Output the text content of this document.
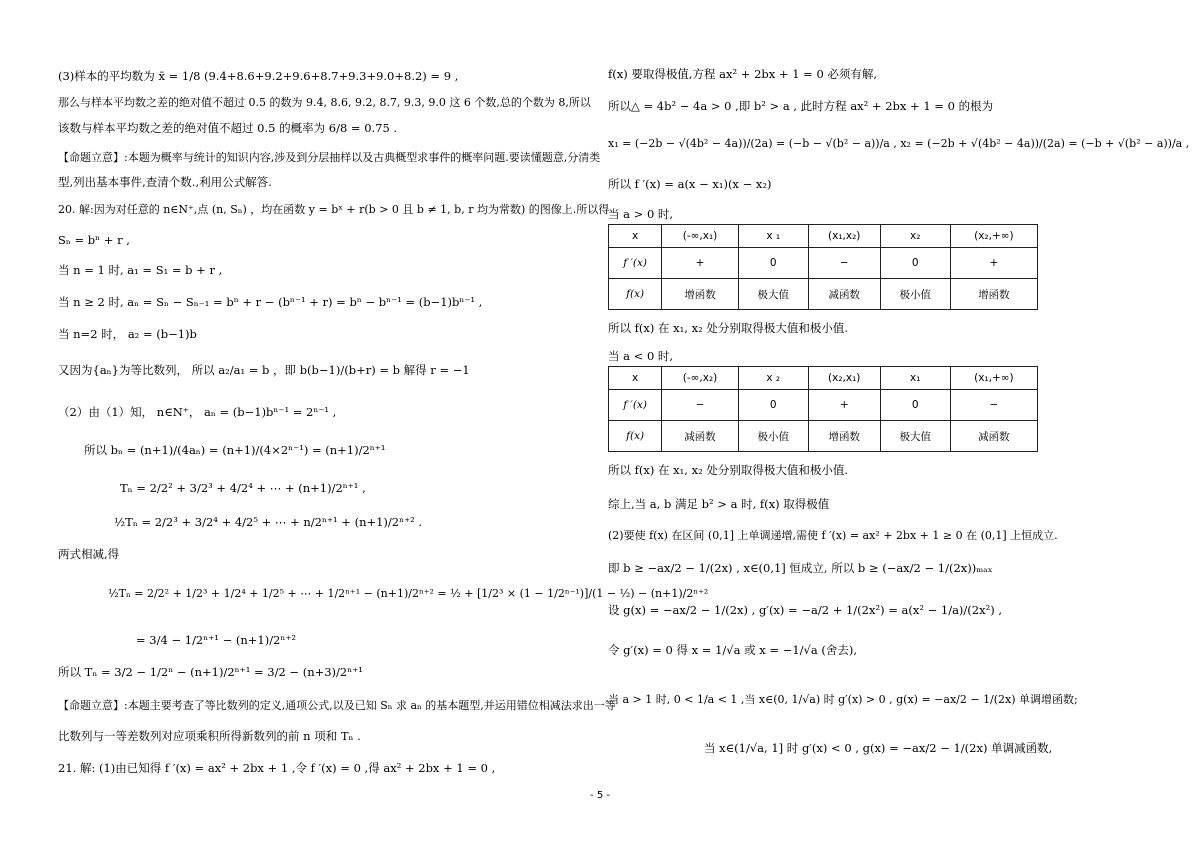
(3)样本的平均数为 x̄ = 1/8 (9.4+8.6+9.2+9.6+8.7+9.3+9.0+8.2) = 9 ,
那么与样本平均数之差的绝对值不超过 0.5 的数为 9.4, 8.6, 9.2, 8.7, 9.3, 9.0 这 6 个数,总的个数为 8,所以
该数与样本平均数之差的绝对值不超过 0.5 的概率为 6/8 = 0.75 .
【命题立意】:本题为概率与统计的知识内容,涉及到分层抽样以及古典概型求事件的概率问题.要读懂题意,分清类
型,列出基本事件,查清个数.,利用公式解答.
20. 解:因为对任意的 n∈N⁺,点 (n, Sₙ) ，均在函数 y = bˣ + r(b > 0 且 b ≠ 1, b, r 均为常数) 的图像上.所以得
Sₙ = bⁿ + r ,
当 n = 1 时, a₁ = S₁ = b + r ,
当 n ≥ 2 时, aₙ = Sₙ − Sₙ₋₁ = bⁿ + r − (bⁿ⁻¹ + r) = bⁿ − bⁿ⁻¹ = (b−1)bⁿ⁻¹ ,
当 n=2 时， a₂ = (b−1)b
又因为{aₙ}为等比数列， 所以 a₂/a₁ = b ，即 b(b−1)/(b+r) = b 解得 r = −1
（2）由（1）知， n∈N⁺， aₙ = (b−1)bⁿ⁻¹ = 2ⁿ⁻¹ ,
所以 bₙ = (n+1)/(4aₙ) = (n+1)/(4×2ⁿ⁻¹) = (n+1)/2ⁿ⁺¹
Tₙ = 2/2² + 3/2³ + 4/2⁴ + ⋯ + (n+1)/2ⁿ⁺¹ ,
½Tₙ = 2/2³ + 3/2⁴ + 4/2⁵ + ⋯ + n/2ⁿ⁺¹ + (n+1)/2ⁿ⁺² .
两式相减,得
½Tₙ = 2/2² + 1/2³ + 1/2⁴ + 1/2⁵ + ⋯ + 1/2ⁿ⁺¹ − (n+1)/2ⁿ⁺² = ½ + [1/2³ × (1 − 1/2ⁿ⁻¹)]/(1 − ½) − (n+1)/2ⁿ⁺²
= 3/4 − 1/2ⁿ⁺¹ − (n+1)/2ⁿ⁺²
所以 Tₙ = 3/2 − 1/2ⁿ − (n+1)/2ⁿ⁺¹ = 3/2 − (n+3)/2ⁿ⁺¹
【命题立意】:本题主要考查了等比数列的定义,通项公式,以及已知 Sₙ 求 aₙ 的基本题型,并运用错位相减法求出一等
比数列与一等差数列对应项乘积所得新数列的前 n 项和 Tₙ .
21. 解: (1)由已知得 f ′(x) = ax² + 2bx + 1 ,令 f ′(x) = 0 ,得 ax² + 2bx + 1 = 0 ,
f(x) 要取得极值,方程 ax² + 2bx + 1 = 0 必须有解,
所以△ = 4b² − 4a > 0 ,即 b² > a , 此时方程 ax² + 2bx + 1 = 0 的根为
x₁ = (−2b − √(4b² − 4a))/(2a) = (−b − √(b² − a))/a , x₂ = (−2b + √(4b² − 4a))/(2a) = (−b + √(b² − a))/a ,
所以 f ′(x) = a(x − x₁)(x − x₂)
当 a > 0 时,
x	(-∞,x₁)	x ₁	(x₁,x₂)	x₂	(x₂,+∞)
f ′(x)	+	0	−	0	+
f(x)	增函数	极大值	减函数	极小值	增函数
所以 f(x) 在 x₁, x₂ 处分别取得极大值和极小值.
当 a < 0 时,
x	(-∞,x₂)	x ₂	(x₂,x₁)	x₁	(x₁,+∞)
f ′(x)	−	0	+	0	−
f(x)	减函数	极小值	增函数	极大值	减函数
所以 f(x) 在 x₁, x₂ 处分别取得极大值和极小值.
综上,当 a, b 满足 b² > a 时, f(x) 取得极值
(2)要使 f(x) 在区间 (0,1] 上单调递增,需使 f ′(x) = ax² + 2bx + 1 ≥ 0 在 (0,1] 上恒成立.
即 b ≥ −ax/2 − 1/(2x) , x∈(0,1] 恒成立, 所以 b ≥ (−ax/2 − 1/(2x))ₘₐₓ
设 g(x) = −ax/2 − 1/(2x) , g′(x) = −a/2 + 1/(2x²) = a(x² − 1/a)/(2x²) ,
令 g′(x) = 0 得 x = 1/√a 或 x = −1/√a (舍去),
当 a > 1 时, 0 < 1/a < 1 ,当 x∈(0, 1/√a) 时 g′(x) > 0 , g(x) = −ax/2 − 1/(2x) 单调增函数;
当 x∈(1/√a, 1] 时 g′(x) < 0 , g(x) = −ax/2 − 1/(2x) 单调减函数,
- 5 -
